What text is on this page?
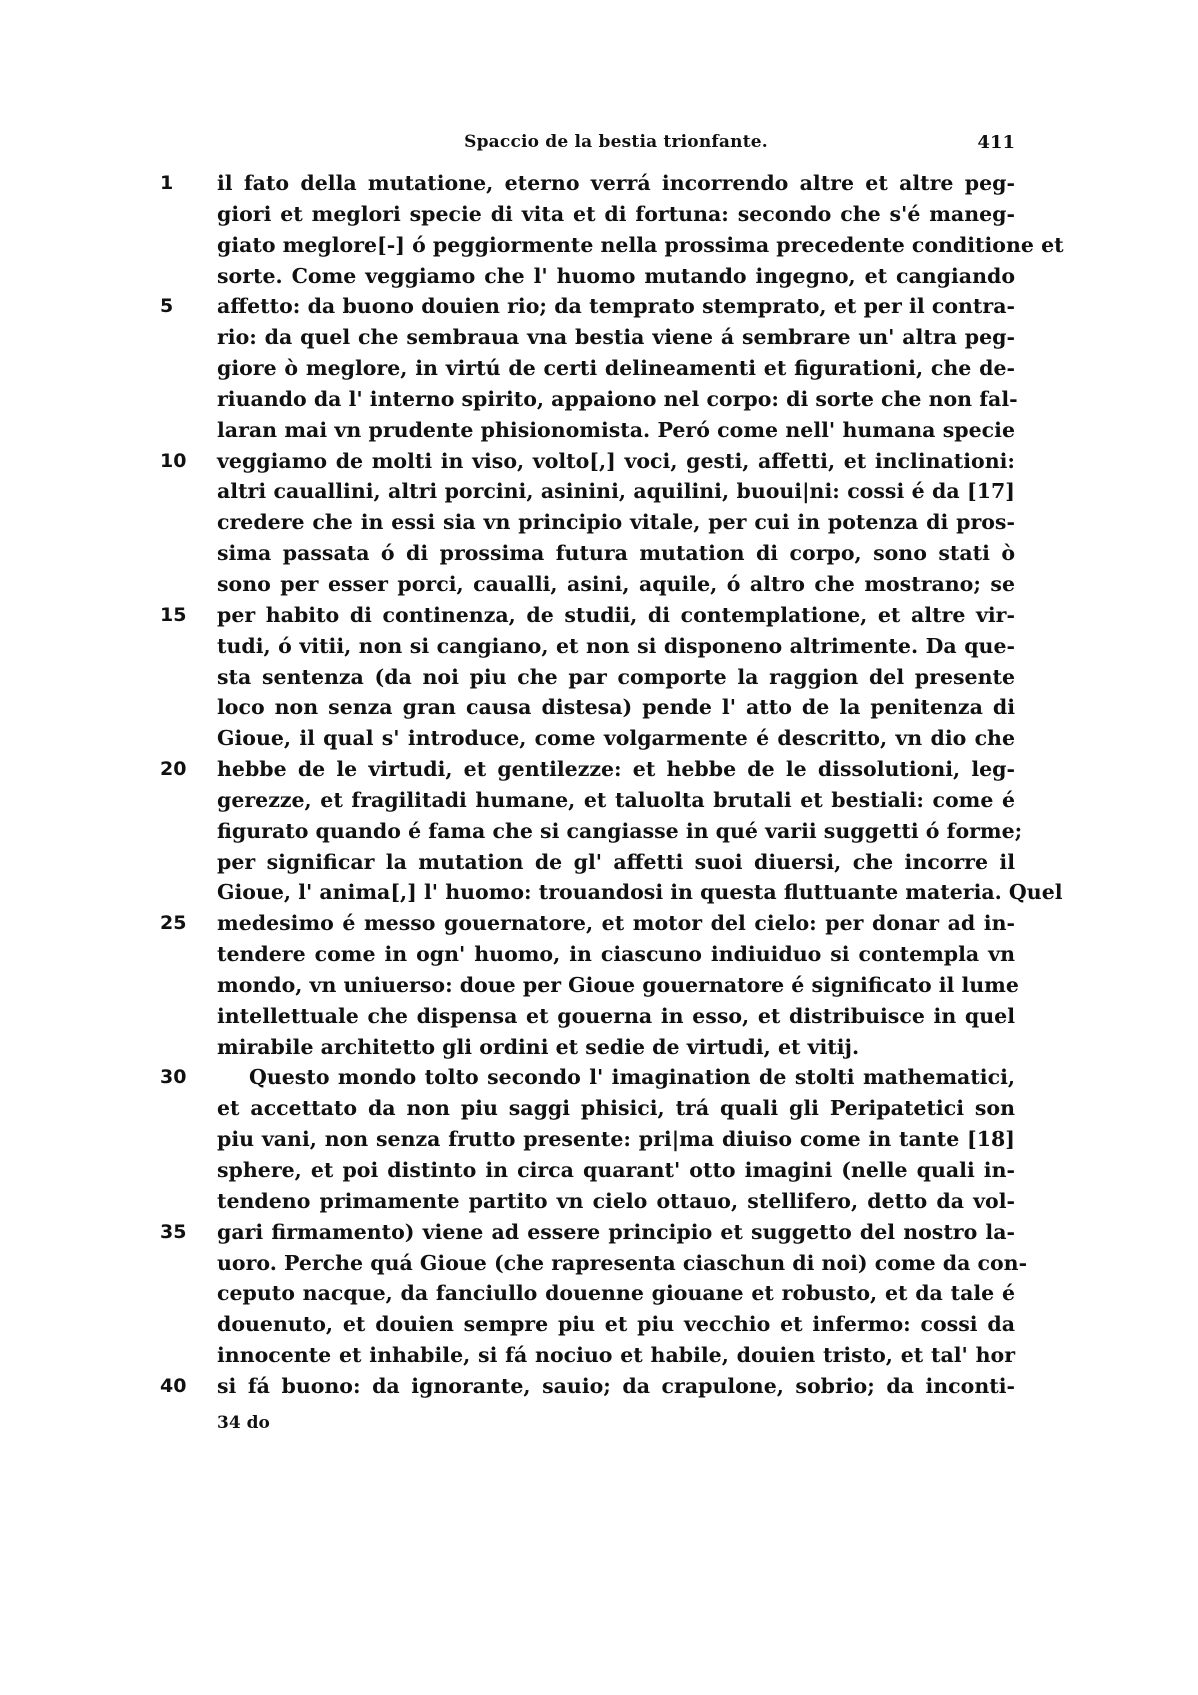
Spaccio de la bestia trionfante.	411
1	il fato della mutatione, eterno verrá incorrendo altre et altre peg-
giori et meglori specie di vita et di fortuna: secondo che s'é maneg-
giato meglore[-] ó peggiormente nella prossima precedente conditione et
sorte. Come veggiamo che l' huomo mutando ingegno, et cangiando
5	affetto: da buono douien rio; da temprato stemprato, et per il contra-
rio: da quel che sembraua vna bestia viene á sembrare un' altra peg-
giore ò meglore, in virtú de certi delineamenti et figurationi, che de-
riuando da l' interno spirito, appaiono nel corpo: di sorte che non fal-
laran mai vn prudente phisionomista. Peró come nell' humana specie
10	veggiamo de molti in viso, volto[,] voci, gesti, affetti, et inclinationi:
altri cauallini, altri porcini, asinini, aquilini, buoui|ni: cossi é da [17]
credere che in essi sia vn principio vitale, per cui in potenza di pros-
sima passata ó di prossima futura mutation di corpo, sono stati ò
sono per esser porci, caualli, asini, aquile, ó altro che mostrano; se
15	per habito di continenza, de studii, di contemplatione, et altre vir-
tudi, ó vitii, non si cangiano, et non si disponeno altrimente. Da que-
sta sentenza (da noi piu che par comporte la raggion del presente
loco non senza gran causa distesa) pende l' atto de la penitenza di
Gioue, il qual s' introduce, come volgarmente é descritto, vn dio che
20	hebbe de le virtudi, et gentilezze: et hebbe de le dissolutioni, leg-
gerezze, et fragilitadi humane, et taluolta brutali et bestiali: come é
figurato quando é fama che si cangiasse in qué varii suggetti ó forme;
per significar la mutation de gl' affetti suoi diuersi, che incorre il
Gioue, l' anima[,] l' huomo: trouandosi in questa fluttuante materia. Quel
25	medesimo é messo gouernatore, et motor del cielo: per donar ad in-
tendere come in ogn' huomo, in ciascuno indiuiduo si contempla vn
mondo, vn uniuerso: doue per Gioue gouernatore é significato il lume
intellettuale che dispensa et gouerna in esso, et distribuisce in quel
mirabile architetto gli ordini et sedie de virtudi, et vitij.
30	Questo mondo tolto secondo l' imagination de stolti mathematici,
et accettato da non piu saggi phisici, trá quali gli Peripatetici son
piu vani, non senza frutto presente: pri|ma diuiso come in tante [18]
sphere, et poi distinto in circa quarant' otto imagini (nelle quali in-
tendeno primamente partito vn cielo ottauo, stellifero, detto da vol-
35	gari firmamento) viene ad essere principio et suggetto del nostro la-
uoro. Perche quá Gioue (che rapresenta ciaschun di noi) come da con-
ceputo nacque, da fanciullo douenne giouane et robusto, et da tale é
douenuto, et douien sempre piu et piu vecchio et infermo: cossi da
innocente et inhabile, si fá nociuo et habile, douien tristo, et tal' hor
40	si fá buono: da ignorante, sauio; da crapulone, sobrio; da inconti-
34 do
